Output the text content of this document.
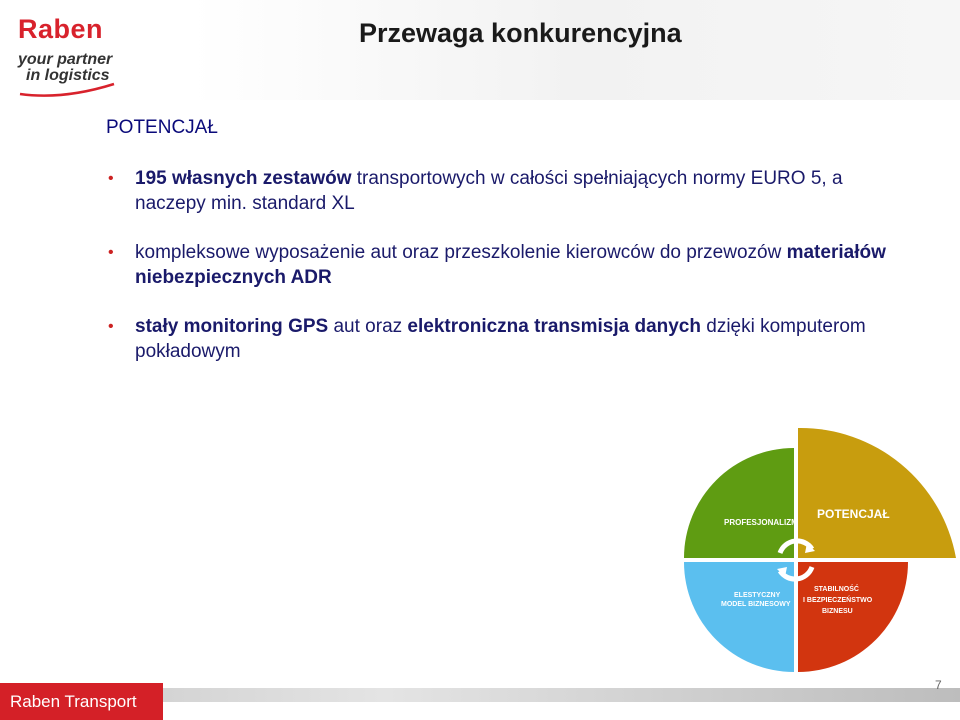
Raben
your partner
in logistics
Przewaga konkurencyjna
POTENCJAŁ
• 195 własnych zestawów transportowych w całości spełniających normy EURO 5, a naczepy min. standard XL
• kompleksowe wyposażenie aut oraz przeszkolenie kierowców do przewozów materiałów niebezpiecznych ADR
• stały monitoring GPS aut oraz elektroniczna transmisja danych dzięki komputerom pokładowym
PROFESJONALIZM
POTENCJAŁ
ELESTYCZNY
MODEL BIZNESOWY
STABILNOŚĆ
I BEZPIECZEŃSTWO
BIZNESU
Raben Transport
7
